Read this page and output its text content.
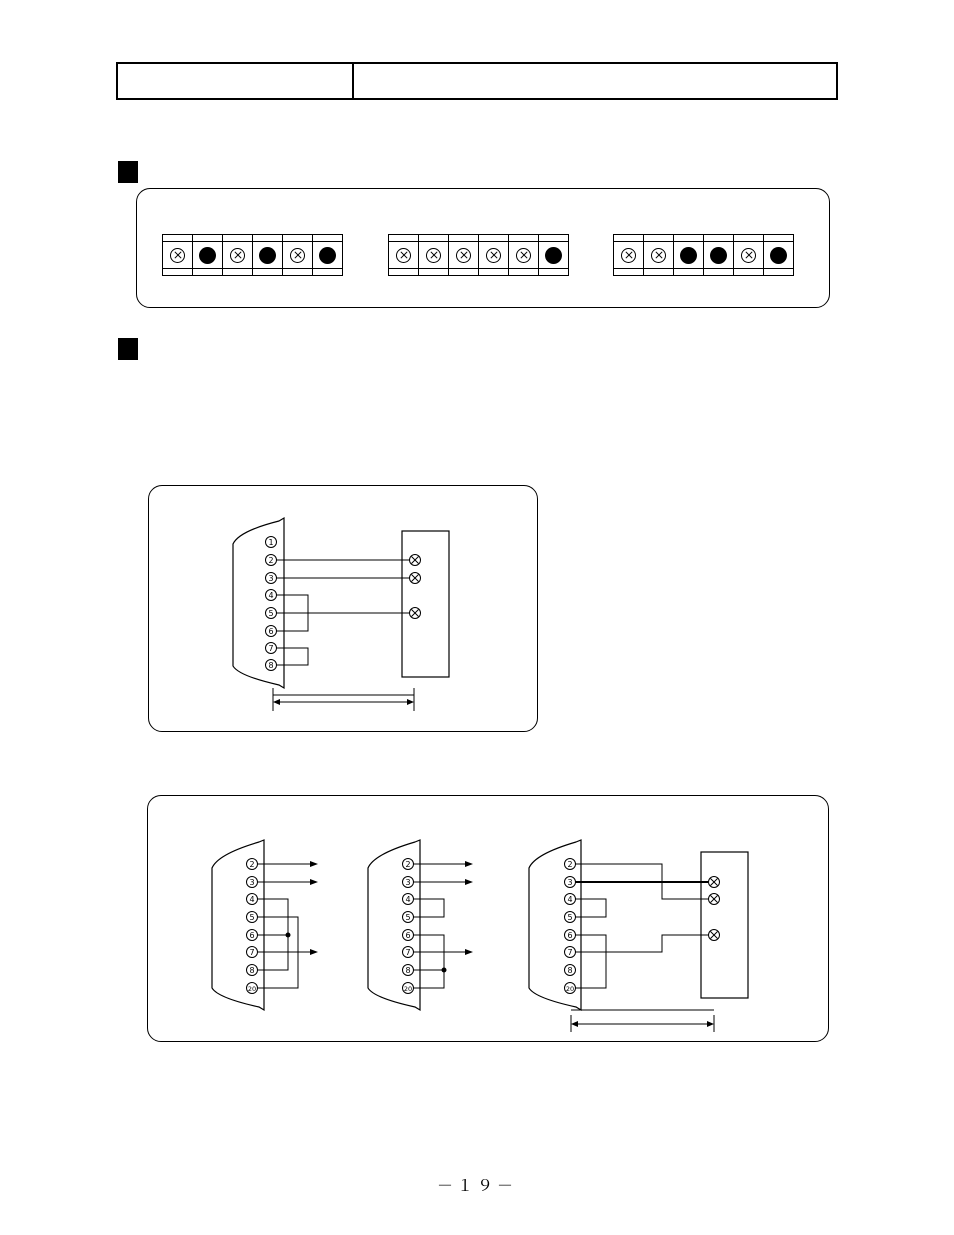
1
2
3
4
5
6
7
8
2
3
4
5
6
7
8
20
2
3
4
5
6
7
8
20
2
3
4
5
6
7
8
20
－１９－
